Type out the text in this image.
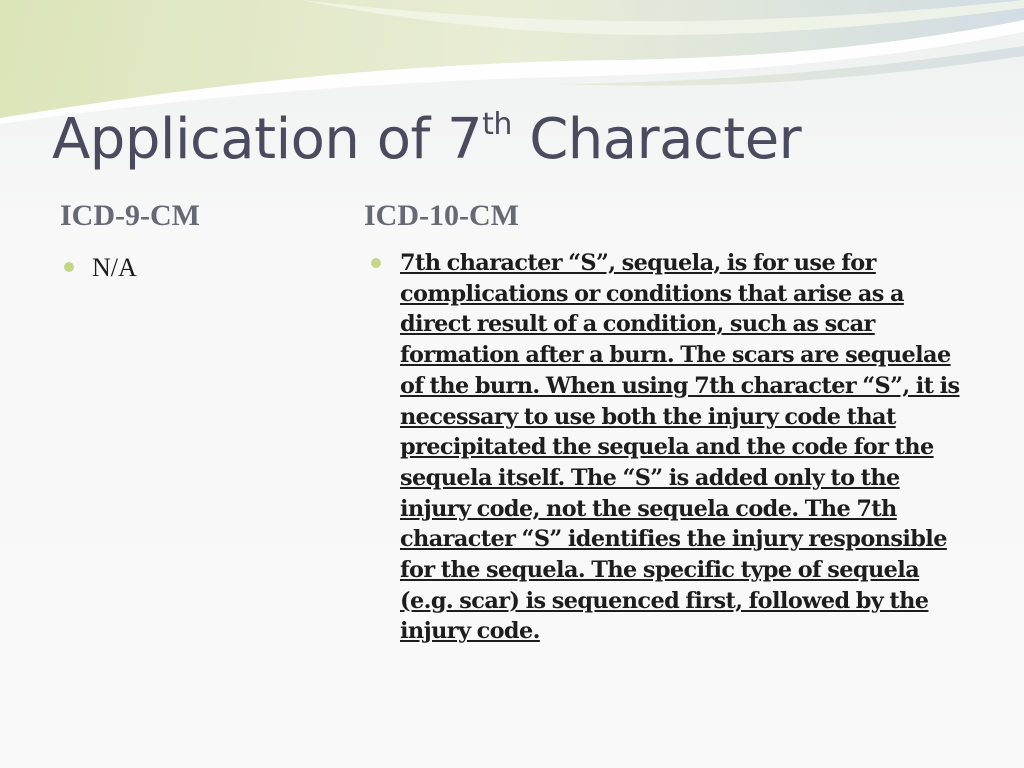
Application of 7th Character
ICD-9-CM	ICD-10-CM
N/A	7th character “S”, sequela, is for use for complications or conditions that arise as a direct result of a condition, such as scar formation after a burn. The scars are sequelae of the burn. When using 7th character “S”, it is necessary to use both the injury code that precipitated the sequela and the code for the sequela itself. The “S” is added only to the injury code, not the sequela code. The 7th character “S” identifies the injury responsible for the sequela. The specific type of sequela (e.g. scar) is sequenced first, followed by the injury code.
